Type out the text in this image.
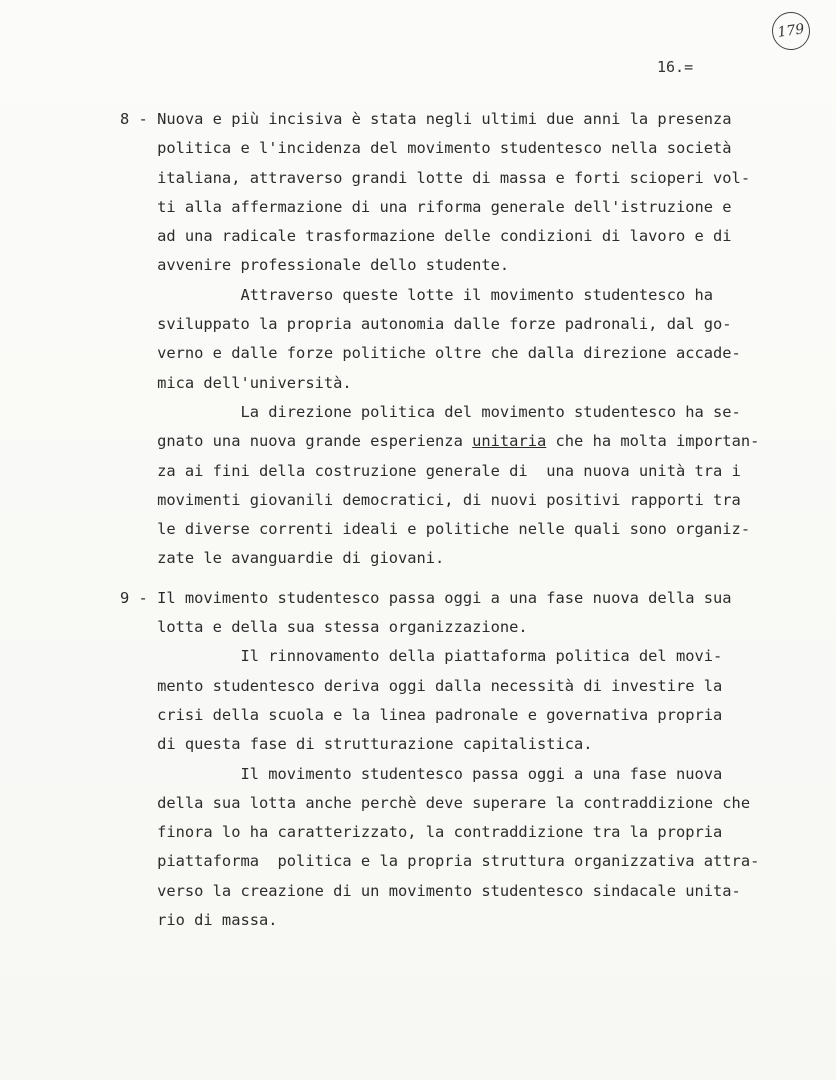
179
16.=
8 - Nuova e più incisiva è stata negli ultimi due anni la presenza
politica e l'incidenza del movimento studentesco nella società
italiana, attraverso grandi lotte di massa e forti scioperi vol-
ti alla affermazione di una riforma generale dell'istruzione e
ad una radicale trasformazione delle condizioni di lavoro e di
avvenire professionale dello studente.
Attraverso queste lotte il movimento studentesco ha
sviluppato la propria autonomia dalle forze padronali, dal go-
verno e dalle forze politiche oltre che dalla direzione accade-
mica dell'università.
La direzione politica del movimento studentesco ha se-
gnato una nuova grande esperienza unitaria che ha molta importan-
za ai fini della costruzione generale di  una nuova unità tra i
movimenti giovanili democratici, di nuovi positivi rapporti tra
le diverse correnti ideali e politiche nelle quali sono organiz-
zate le avanguardie di giovani.
9 - Il movimento studentesco passa oggi a una fase nuova della sua
lotta e della sua stessa organizzazione.
Il rinnovamento della piattaforma politica del movi-
mento studentesco deriva oggi dalla necessità di investire la
crisi della scuola e la linea padronale e governativa propria
di questa fase di strutturazione capitalistica.
Il movimento studentesco passa oggi a una fase nuova
della sua lotta anche perchè deve superare la contraddizione che
finora lo ha caratterizzato, la contraddizione tra la propria
piattaforma  politica e la propria struttura organizzativa attra-
verso la creazione di un movimento studentesco sindacale unita-
rio di massa.
